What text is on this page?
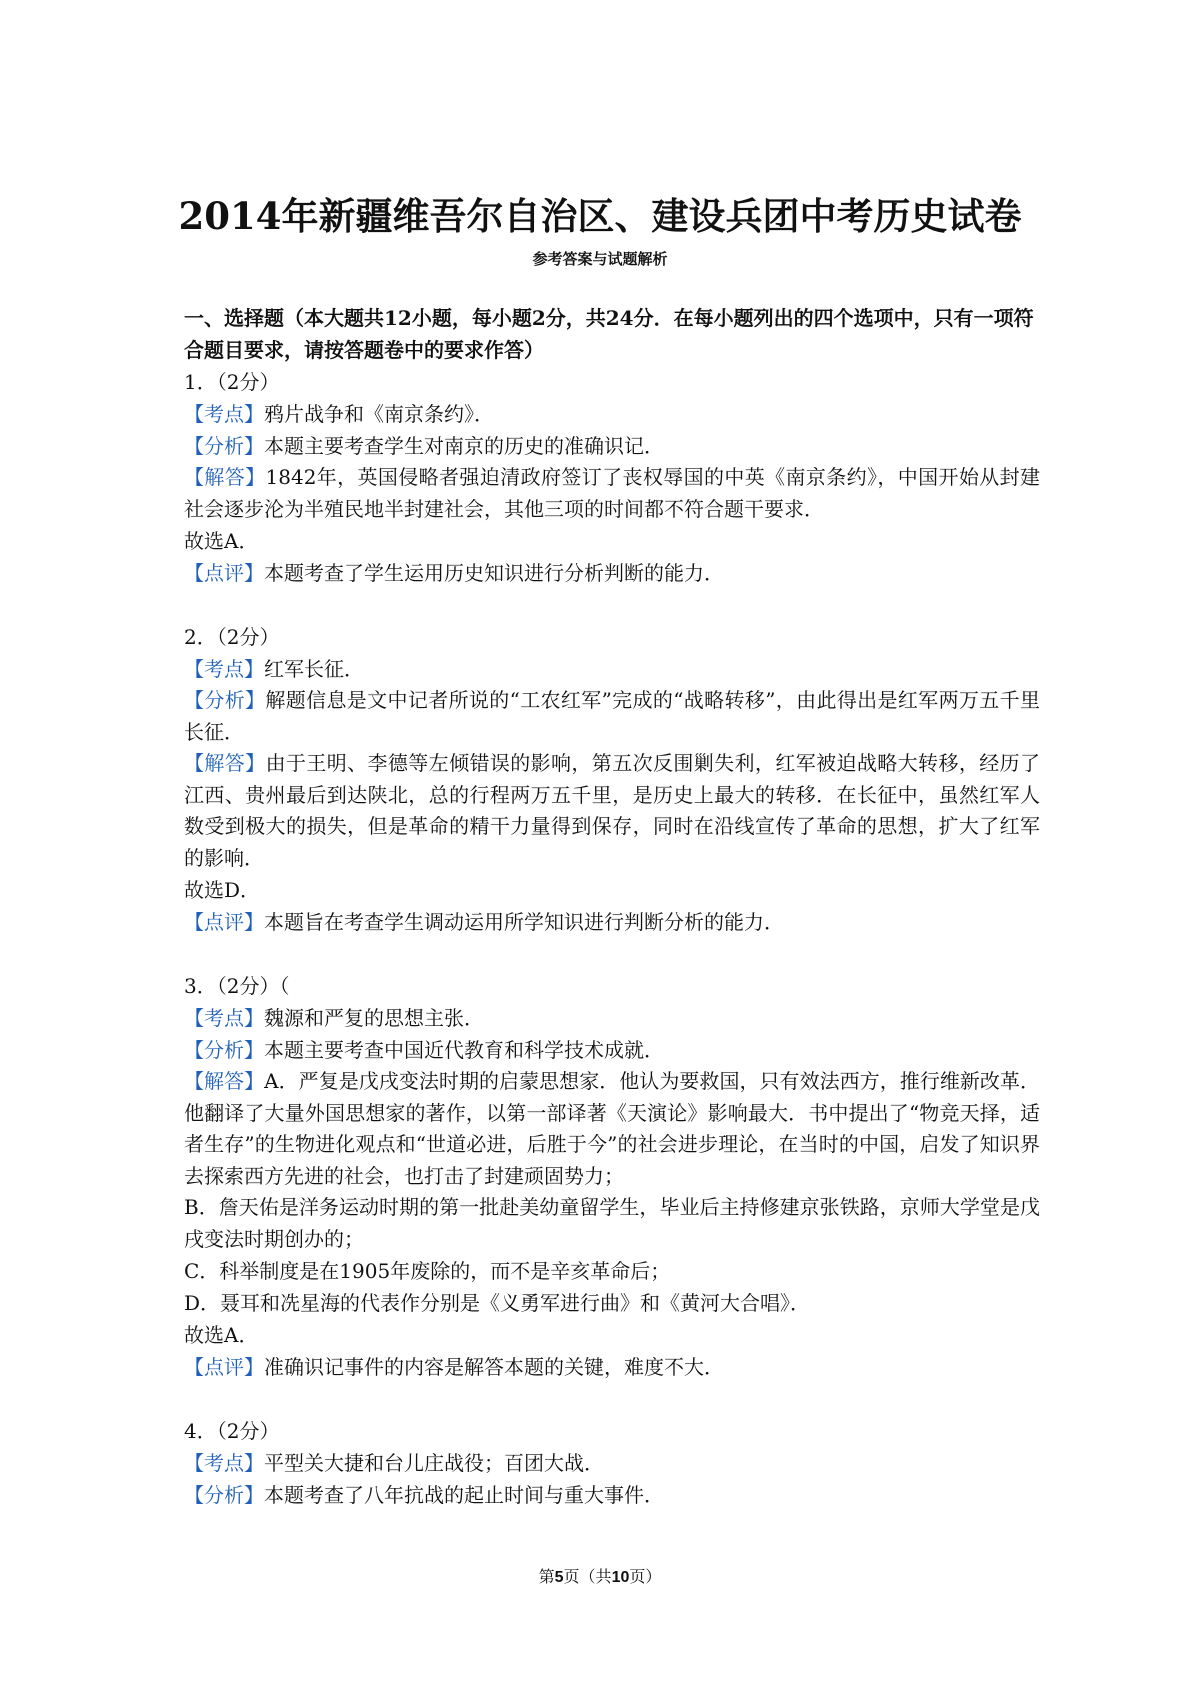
2014年新疆维吾尔自治区、建设兵团中考历史试卷
参考答案与试题解析
一、选择题（本大题共12小题，每小题2分，共24分．在每小题列出的四个选项中，只有一项符合题目要求，请按答题卷中的要求作答）
1．（2分）
【考点】鸦片战争和《南京条约》．
【分析】本题主要考查学生对南京的历史的准确识记．
【解答】1842年，英国侵略者强迫清政府签订了丧权辱国的中英《南京条约》，中国开始从封建社会逐步沦为半殖民地半封建社会，其他三项的时间都不符合题干要求．
故选A．
【点评】本题考查了学生运用历史知识进行分析判断的能力．
2．（2分）
【考点】红军长征．
【分析】解题信息是文中记者所说的“工农红军”完成的“战略转移”，由此得出是红军两万五千里长征．
【解答】由于王明、李德等左倾错误的影响，第五次反围剿失利，红军被迫战略大转移，经历了江西、贵州最后到达陕北，总的行程两万五千里，是历史上最大的转移．在长征中，虽然红军人数受到极大的损失，但是革命的精干力量得到保存，同时在沿线宣传了革命的思想，扩大了红军的影响．
故选D．
【点评】本题旨在考查学生调动运用所学知识进行判断分析的能力．
3．（2分）（
【考点】魏源和严复的思想主张．
【分析】本题主要考查中国近代教育和科学技术成就．
【解答】A．严复是戊戌变法时期的启蒙思想家．他认为要救国，只有效法西方，推行维新改革．他翻译了大量外国思想家的著作，以第一部译著《天演论》影响最大．书中提出了“物竞天择，适者生存”的生物进化观点和“世道必进，后胜于今”的社会进步理论，在当时的中国，启发了知识界去探索西方先进的社会，也打击了封建顽固势力；
B．詹天佑是洋务运动时期的第一批赴美幼童留学生，毕业后主持修建京张铁路，京师大学堂是戊戌变法时期创办的；
C．科举制度是在1905年废除的，而不是辛亥革命后；
D．聂耳和冼星海的代表作分别是《义勇军进行曲》和《黄河大合唱》．
故选A．
【点评】准确识记事件的内容是解答本题的关键，难度不大．
4．（2分）
【考点】平型关大捷和台儿庄战役；百团大战．
【分析】本题考查了八年抗战的起止时间与重大事件．
第5页（共10页）
